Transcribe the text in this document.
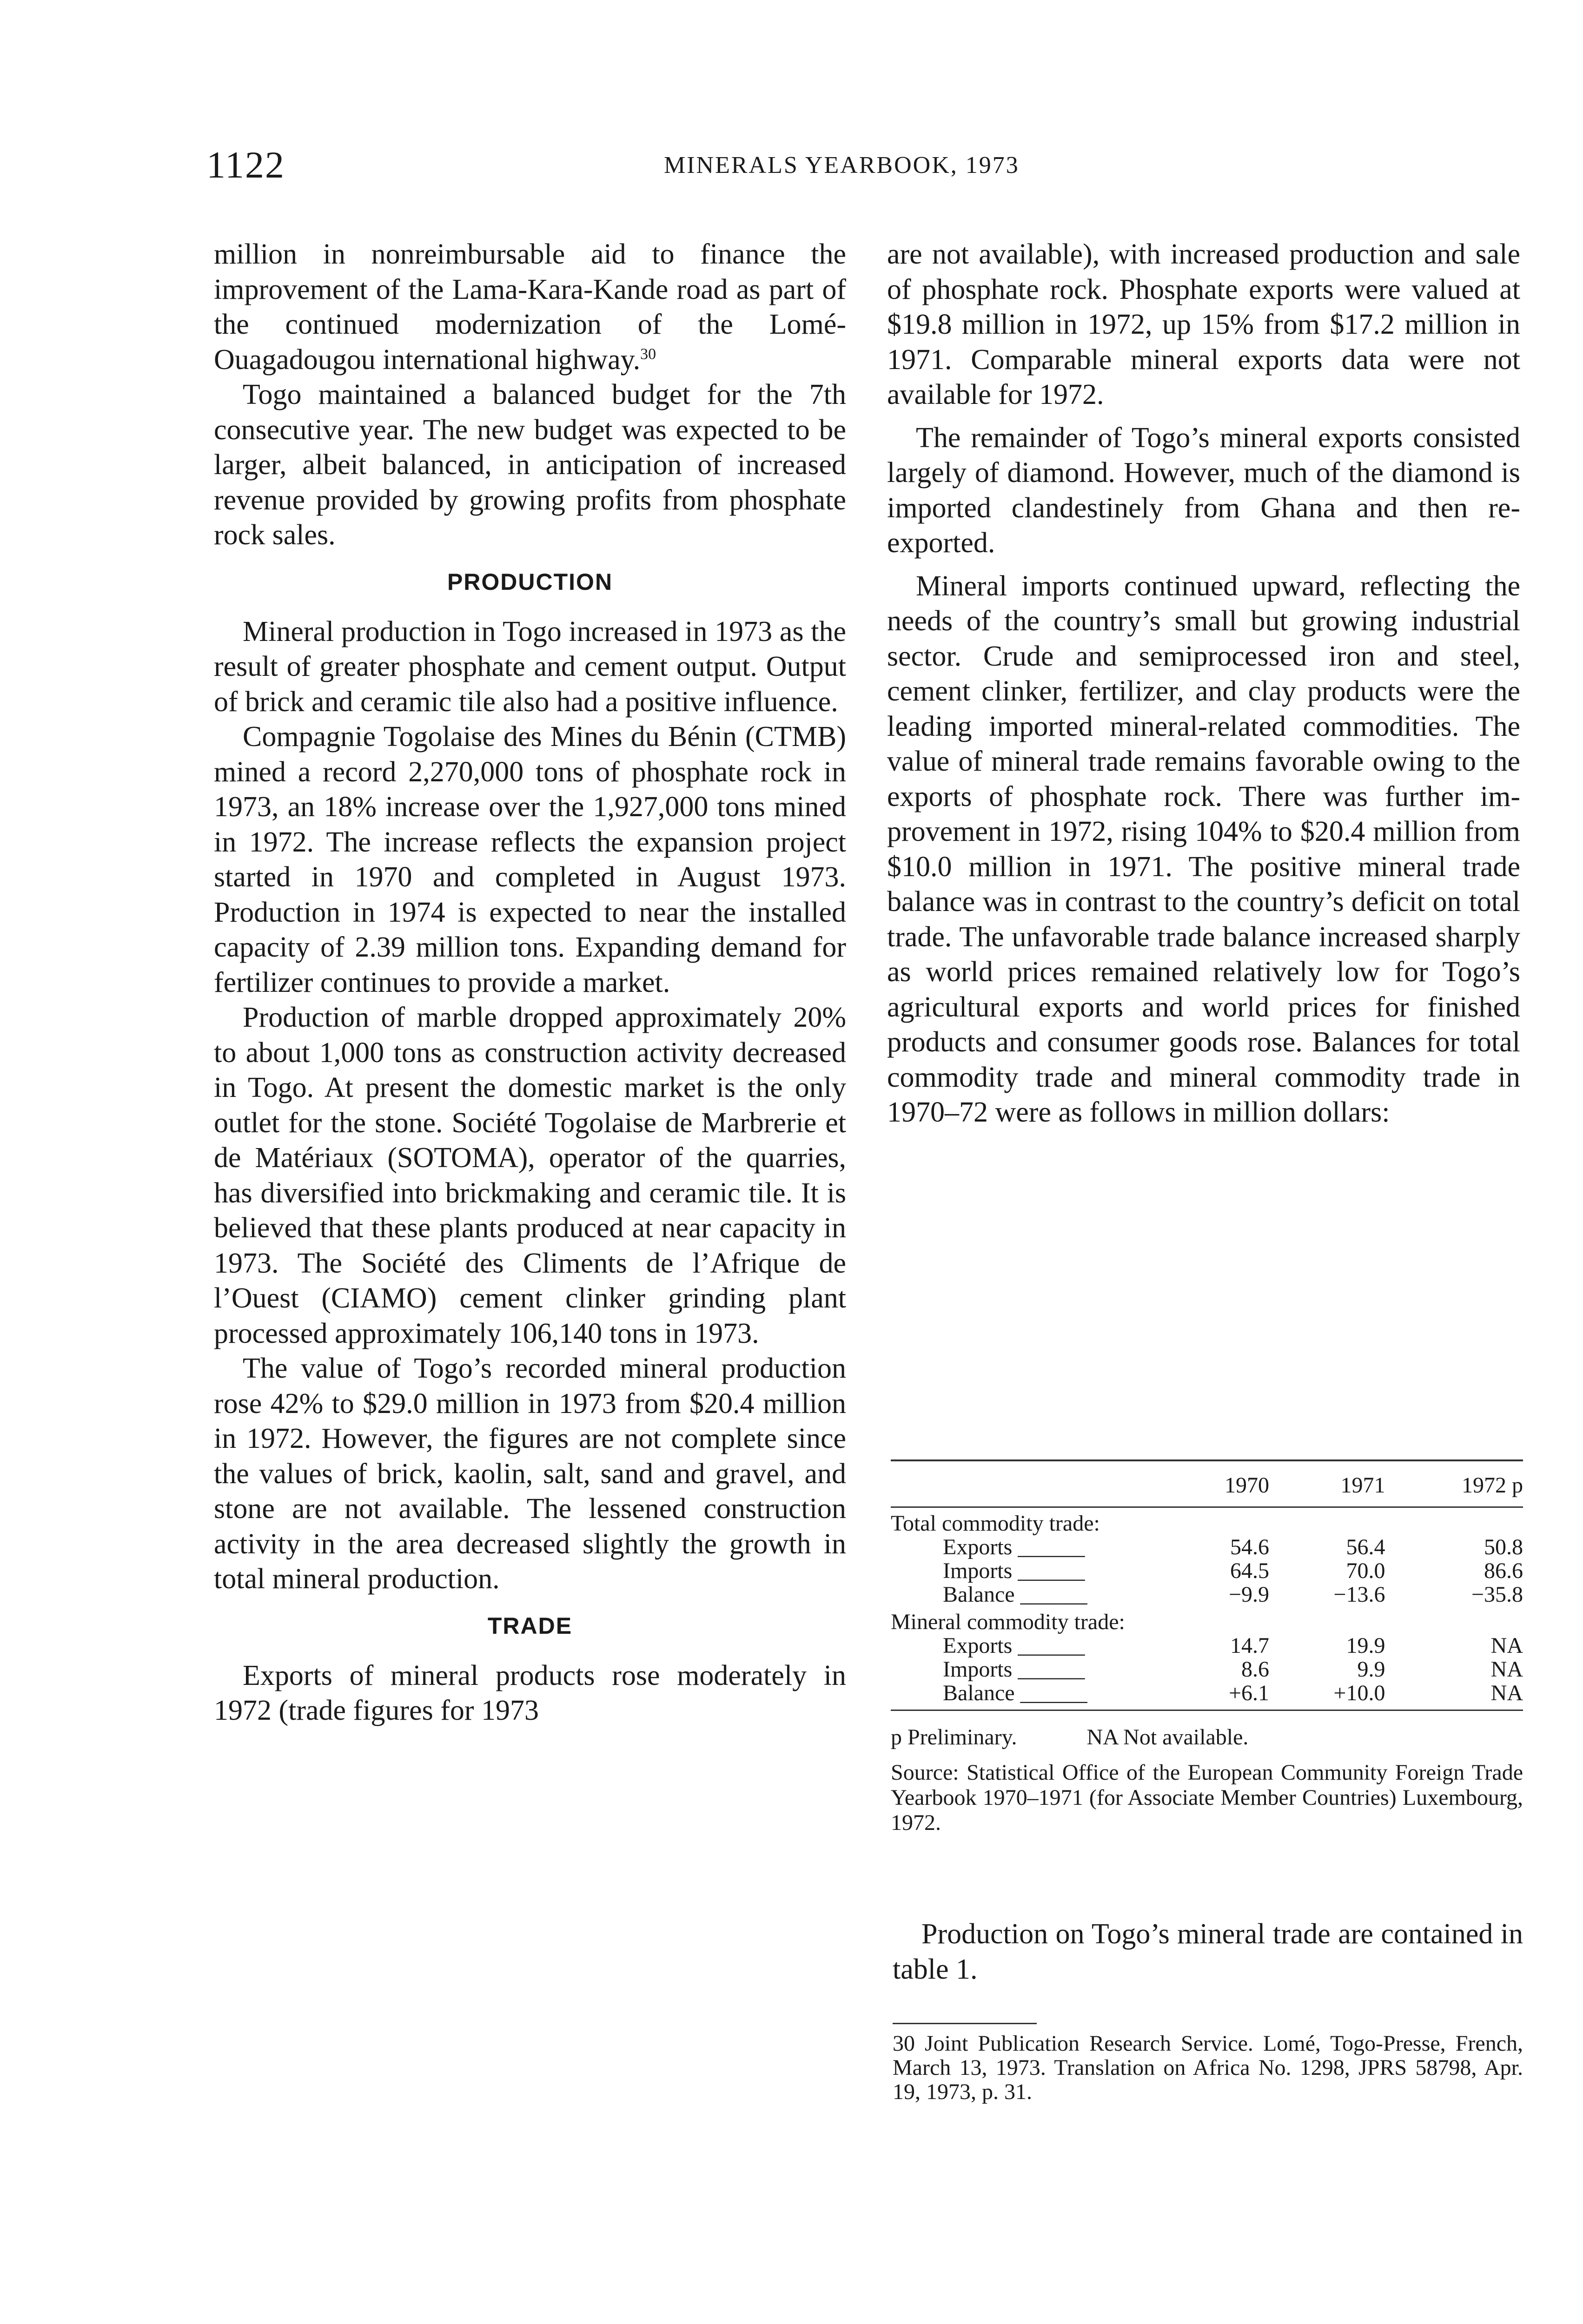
1122	MINERALS YEARBOOK, 1973

million in nonreimbursable aid to finance the improvement of the Lama-Kara-Kande road as part of the continued modernization of the Lomé-Ouagadougou international highway.$^{30}$

Togo maintained a balanced budget for the 7th consecutive year. The new budget was expected to be larger, albeit balanced, in anticipation of increased revenue provided by growing profits from phosphate rock sales.

PRODUCTION

Mineral production in Togo increased in 1973 as the result of greater phosphate and cement output. Output of brick and ceramic tile also had a positive influence.

Compagnie Togolaise des Mines du Bénin (CTMB) mined a record 2,270,000 tons of phosphate rock in 1973, an 18% increase over the 1,927,000 tons mined in 1972. The increase reflects the expansion project started in 1970 and completed in August 1973. Production in 1974 is expected to near the installed capacity of 2.39 million tons. Expanding demand for fertilizer continues to provide a market.

Production of marble dropped approximately 20% to about 1,000 tons as construction activity decreased in Togo. At present the domestic market is the only outlet for the stone. Société Togolaise de Marbrerie et de Matériaux (SOTOMA), operator of the quarries, has diversified into brickmaking and ceramic tile. It is believed that these plants produced at near capacity in 1973. The Société des Climents de l’Afrique de l’Ouest (CIAMO) cement clinker grinding plant processed approximately 106,140 tons in 1973.

The value of Togo’s recorded mineral production rose 42% to $29.0 million in 1973 from $20.4 million in 1972. However, the figures are not complete since the values of brick, kaolin, salt, sand and gravel, and stone are not available. The lessened construction activity in the area decreased slightly the growth in total mineral production.

TRADE

Exports of mineral products rose moderately in 1972 (trade figures for 1973

are not available), with increased production and sale of phosphate rock. Phosphate exports were valued at $19.8 million in 1972, up 15% from $17.2 million in 1971. Comparable mineral exports data were not available for 1972.

The remainder of Togo’s mineral exports consisted largely of diamond. However, much of the diamond is imported clandestinely from Ghana and then reexported.

Mineral imports continued upward, reflecting the needs of the country’s small but growing industrial sector. Crude and semiprocessed iron and steel, cement clinker, fertilizer, and clay products were the leading imported mineral-related commodities. The value of mineral trade remains favorable owing to the exports of phosphate rock. There was further improvement in 1972, rising 104% to $20.4 million from $10.0 million in 1971. The positive mineral trade balance was in contrast to the country’s deficit on total trade. The unfavorable trade balance increased sharply as world prices remained relatively low for Togo’s agricultural exports and world prices for finished products and consumer goods rose. Balances for total commodity trade and mineral commodity trade in 1970–72 were as follows in million dollars:

	1970	1971	1972 p
Total commodity trade:			
Exports ______	54.6	56.4	50.8
Imports ______	64.5	70.0	86.6
Balance ______	−9.9	−13.6	−35.8
Mineral commodity trade:			
Exports ______	14.7	19.9	NA
Imports ______	8.6	9.9	NA
Balance ______	+6.1	+10.0	NA
p Preliminary.	NA Not available.
Source: Statistical Office of the European Community Foreign Trade Yearbook 1970–1971 (for Associate Member Countries) Luxembourg, 1972.

Production on Togo’s mineral trade are contained in table 1.

30 Joint Publication Research Service. Lomé, Togo-Presse, French, March 13, 1973. Translation on Africa No. 1298, JPRS 58798, Apr. 19, 1973, p. 31.
